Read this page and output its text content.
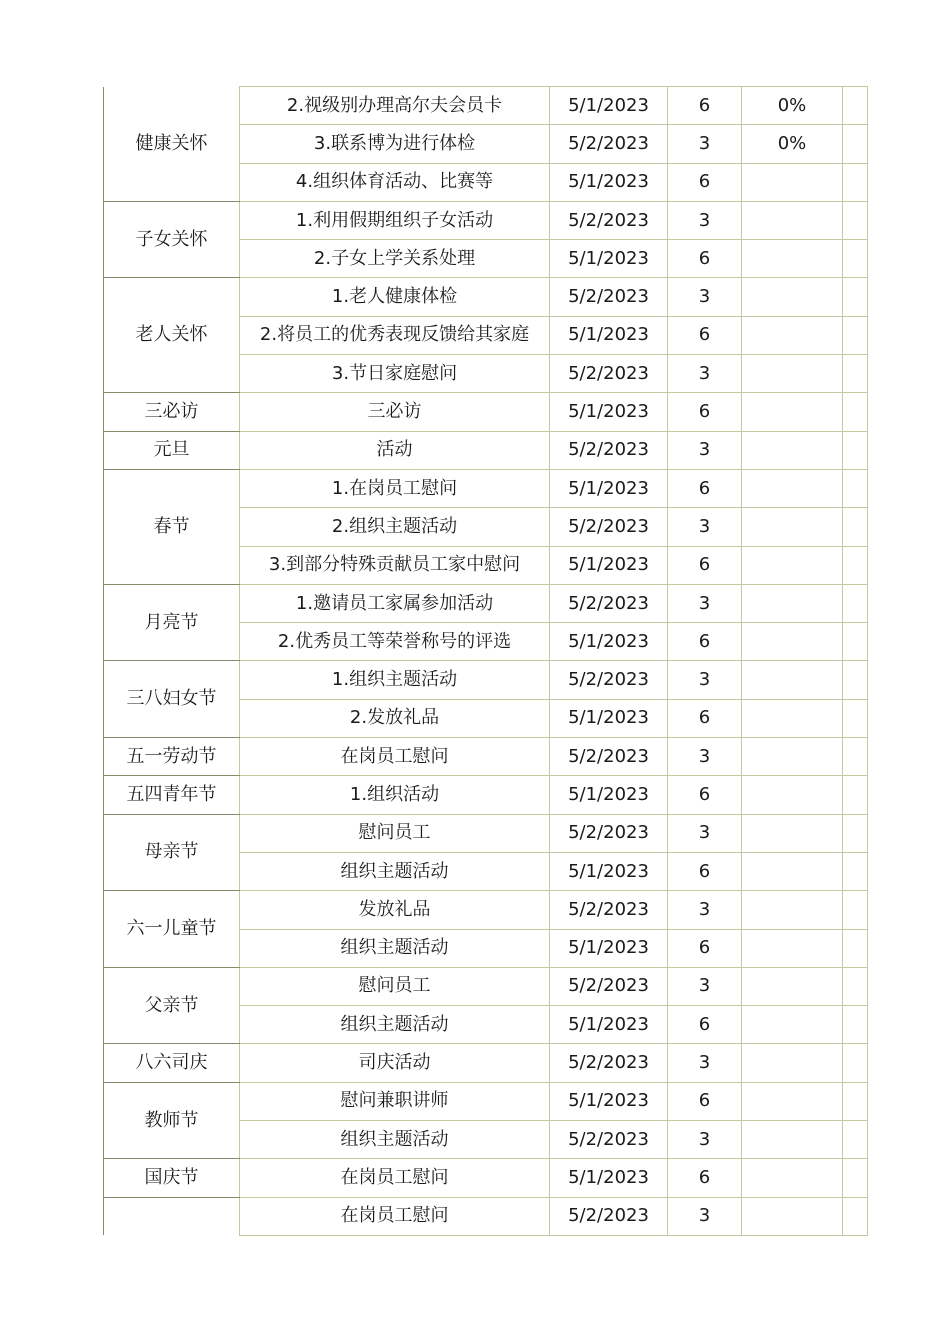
健康关怀	2.视级别办理高尔夫会员卡	5/1/2023	6	0%	
	3.联系博为进行体检	5/2/2023	3	0%	
	4.组织体育活动、比赛等	5/1/2023	6		
子女关怀	1.利用假期组织子女活动	5/2/2023	3		
	2.子女上学关系处理	5/1/2023	6		
老人关怀	1.老人健康体检	5/2/2023	3		
	2.将员工的优秀表现反馈给其家庭	5/1/2023	6		
	3.节日家庭慰问	5/2/2023	3		
三必访	三必访	5/1/2023	6		
元旦	活动	5/2/2023	3		
春节	1.在岗员工慰问	5/1/2023	6		
	2.组织主题活动	5/2/2023	3		
	3.到部分特殊贡献员工家中慰问	5/1/2023	6		
月亮节	1.邀请员工家属参加活动	5/2/2023	3		
	2.优秀员工等荣誉称号的评选	5/1/2023	6		
三八妇女节	1.组织主题活动	5/2/2023	3		
	2.发放礼品	5/1/2023	6		
五一劳动节	在岗员工慰问	5/2/2023	3		
五四青年节	1.组织活动	5/1/2023	6		
母亲节	慰问员工	5/2/2023	3		
	组织主题活动	5/1/2023	6		
六一儿童节	发放礼品	5/2/2023	3		
	组织主题活动	5/1/2023	6		
父亲节	慰问员工	5/2/2023	3		
	组织主题活动	5/1/2023	6		
八六司庆	司庆活动	5/2/2023	3		
教师节	慰问兼职讲师	5/1/2023	6		
	组织主题活动	5/2/2023	3		
国庆节	在岗员工慰问	5/1/2023	6		
	在岗员工慰问	5/2/2023	3		
